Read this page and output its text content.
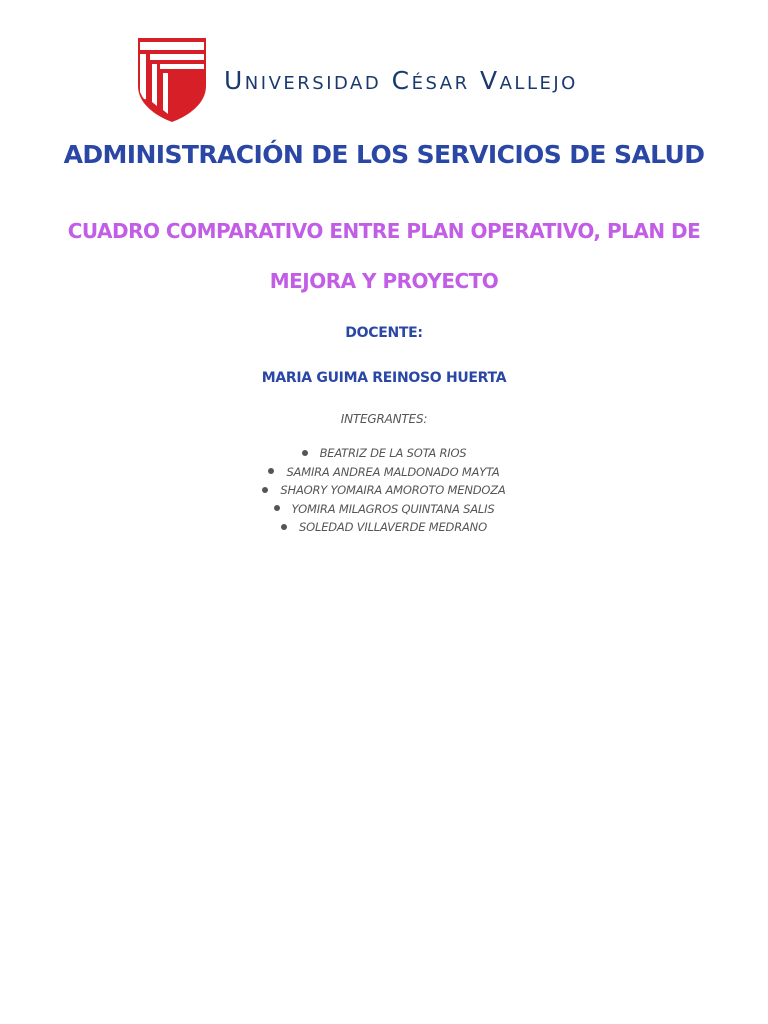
Universidad César Vallejo
ADMINISTRACIÓN DE LOS SERVICIOS DE SALUD
CUADRO COMPARATIVO ENTRE PLAN OPERATIVO, PLAN DE MEJORA Y PROYECTO
DOCENTE:
MARIA GUIMA REINOSO HUERTA
INTEGRANTES:
BEATRIZ DE LA SOTA RIOS
SAMIRA ANDREA MALDONADO MAYTA
SHAORY YOMAIRA AMOROTO MENDOZA
YOMIRA MILAGROS QUINTANA SALIS
SOLEDAD VILLAVERDE MEDRANO
